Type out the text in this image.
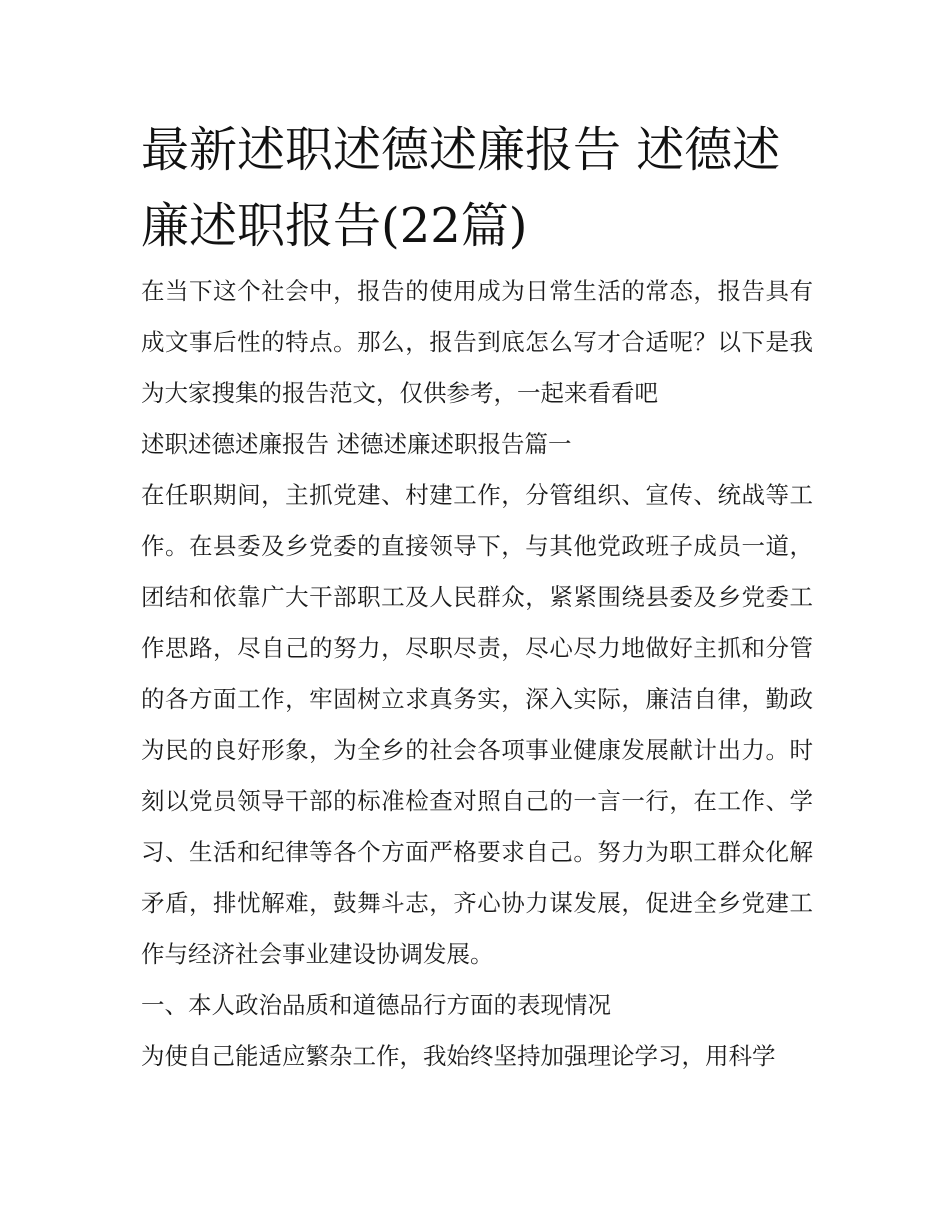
最新述职述德述廉报告 述德述廉述职报告(22篇)

在当下这个社会中，报告的使用成为日常生活的常态，报告具有成文事后性的特点。那么，报告到底怎么写才合适呢？以下是我为大家搜集的报告范文，仅供参考，一起来看看吧

述职述德述廉报告 述德述廉述职报告篇一

在任职期间，主抓党建、村建工作，分管组织、宣传、统战等工作。在县委及乡党委的直接领导下，与其他党政班子成员一道，团结和依靠广大干部职工及人民群众，紧紧围绕县委及乡党委工作思路，尽自己的努力，尽职尽责，尽心尽力地做好主抓和分管的各方面工作，牢固树立求真务实，深入实际，廉洁自律，勤政为民的良好形象，为全乡的社会各项事业健康发展献计出力。时刻以党员领导干部的标准检查对照自己的一言一行，在工作、学习、生活和纪律等各个方面严格要求自己。努力为职工群众化解矛盾，排忧解难，鼓舞斗志，齐心协力谋发展，促进全乡党建工作与经济社会事业建设协调发展。

一、本人政治品质和道德品行方面的表现情况

为使自己能适应繁杂工作，我始终坚持加强理论学习，用科学
